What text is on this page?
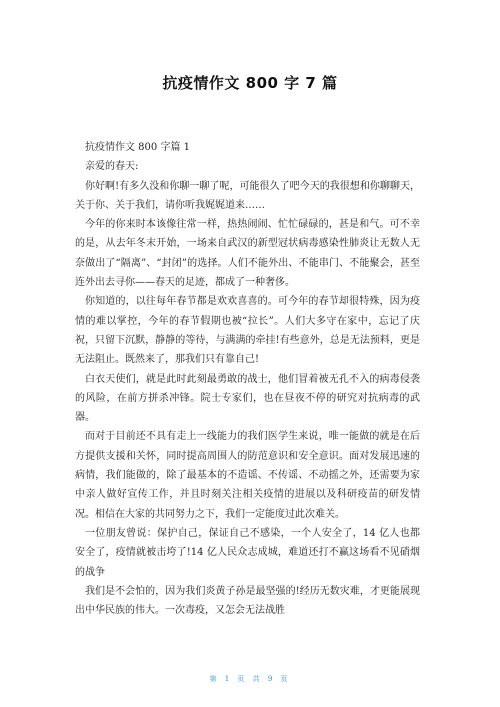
抗疫情作文 800 字 7 篇

抗疫情作文 800 字篇 1

亲爱的春天:

你好啊!有多久没和你聊一聊了呢，可能很久了吧今天的我很想和你聊聊天，关于你、关于我们，请你听我娓娓道来……

今年的你来时本该像往常一样，热热闹闹、忙忙碌碌的，甚是和气。可不幸的是，从去年冬末开始，一场来自武汉的新型冠状病毒感染性肺炎让无数人无奈做出了“隔离”、“封闭”的选择。人们不能外出、不能串门、不能聚会，甚至连外出去寻你——春天的足迹，都成了一种奢侈。

你知道的，以往每年春节都是欢欢喜喜的。可今年的春节却很特殊，因为疫情的难以掌控，今年的春节假期也被“拉长”。人们大多守在家中，忘记了庆祝，只留下沉默，静静的等待，与满满的牵挂!有些意外，总是无法预料，更是无法阻止。既然来了，那我们只有靠自己!

白衣天使们，就是此时此刻最勇敢的战士，他们冒着被无孔不入的病毒侵袭的风险，在前方拼杀冲锋。院士专家们，也在昼夜不停的研究对抗病毒的武器。

而对于目前还不具有走上一线能力的我们医学生来说，唯一能做的就是在后方提供支援和关怀，同时提高周围人的防范意识和安全意识。面对发展迅速的病情，我们能做的，除了最基本的不造谣、不传谣、不动摇之外，还需要为家中亲人做好宣传工作，并且时刻关注相关疫情的进展以及科研疫苗的研发情况。相信在大家的共同努力之下，我们一定能度过此次难关。

一位朋友曾说：保护自己，保证自己不感染，一个人安全了，14 亿人也都安全了，疫情就被击垮了!14 亿人民众志成城，难道还打不赢这场看不见硝烟的战争

我们是不会怕的，因为我们炎黄子孙是最坚强的!经历无数灾难，才更能展现出中华民族的伟大。一次毒疫，又怎会无法战胜

第 1 页 共 9 页
